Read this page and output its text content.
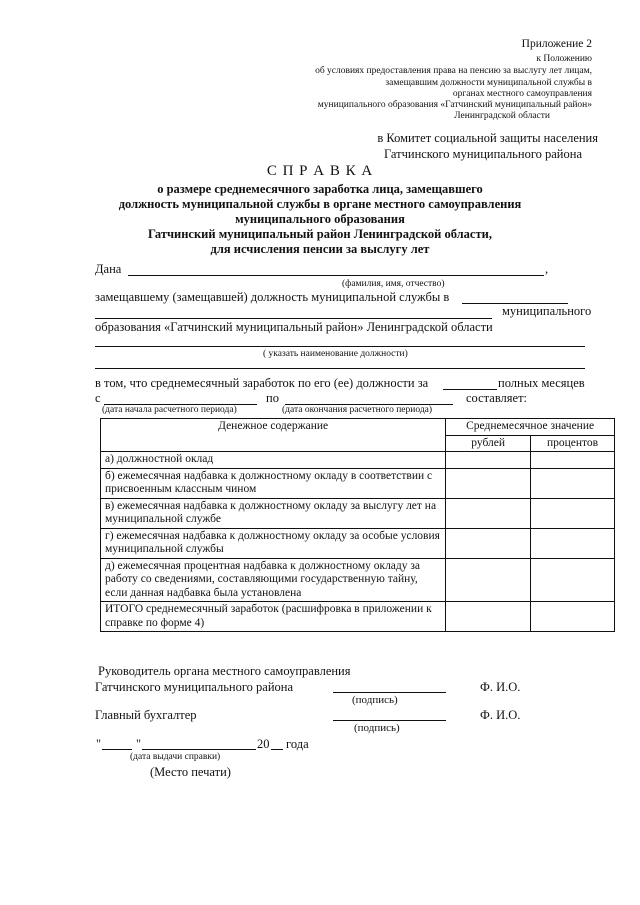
Приложение 2
к Положению
об условиях предоставления права на пенсию за выслугу лет лицам,
замещавшим должности муниципальной службы в
органах местного самоуправления
муниципального образования «Гатчинский муниципальный район»
Ленинградской области
в Комитет социальной защиты населения
Гатчинского муниципального района
С П Р А В К А
о размере среднемесячного заработка лица, замещавшего
должность муниципальной службы в органе местного самоуправления
муниципального образования
Гатчинский муниципальный район Ленинградской области,
для исчисления пенсии за выслугу лет
Дана	,
(фамилия, имя, отчество)
замещавшему (замещавшей) должность муниципальной службы в
муниципального
образования «Гатчинский муниципальный район» Ленинградской области
( указать наименование должности)
в том, что среднемесячный заработок по его (ее) должности за	полных месяцев
с	по	составляет:
(дата начала расчетного периода)	(дата окончания расчетного периода)
Денежное содержание	Среднемесячное значение	
	рублей	процентов
а) должностной оклад		
б) ежемесячная надбавка к должностному окладу в соответствии с присвоенным классным чином		
в) ежемесячная надбавка к должностному окладу за выслугу лет на муниципальной службе		
г) ежемесячная надбавка к должностному окладу за особые условия муниципальной службы		
д) ежемесячная процентная надбавка к должностному окладу за работу со сведениями, составляющими государственную тайну, если данная надбавка была установлена		
ИТОГО среднемесячный заработок (расшифровка в приложении к справке по форме 4)		
Руководитель органа местного самоуправления
Гатчинского муниципального района	Ф. И.О.
(подпись)
Главный бухгалтер	Ф. И.О.
(подпись)
"	"	20 года
(дата выдачи справки)
(Место печати)
